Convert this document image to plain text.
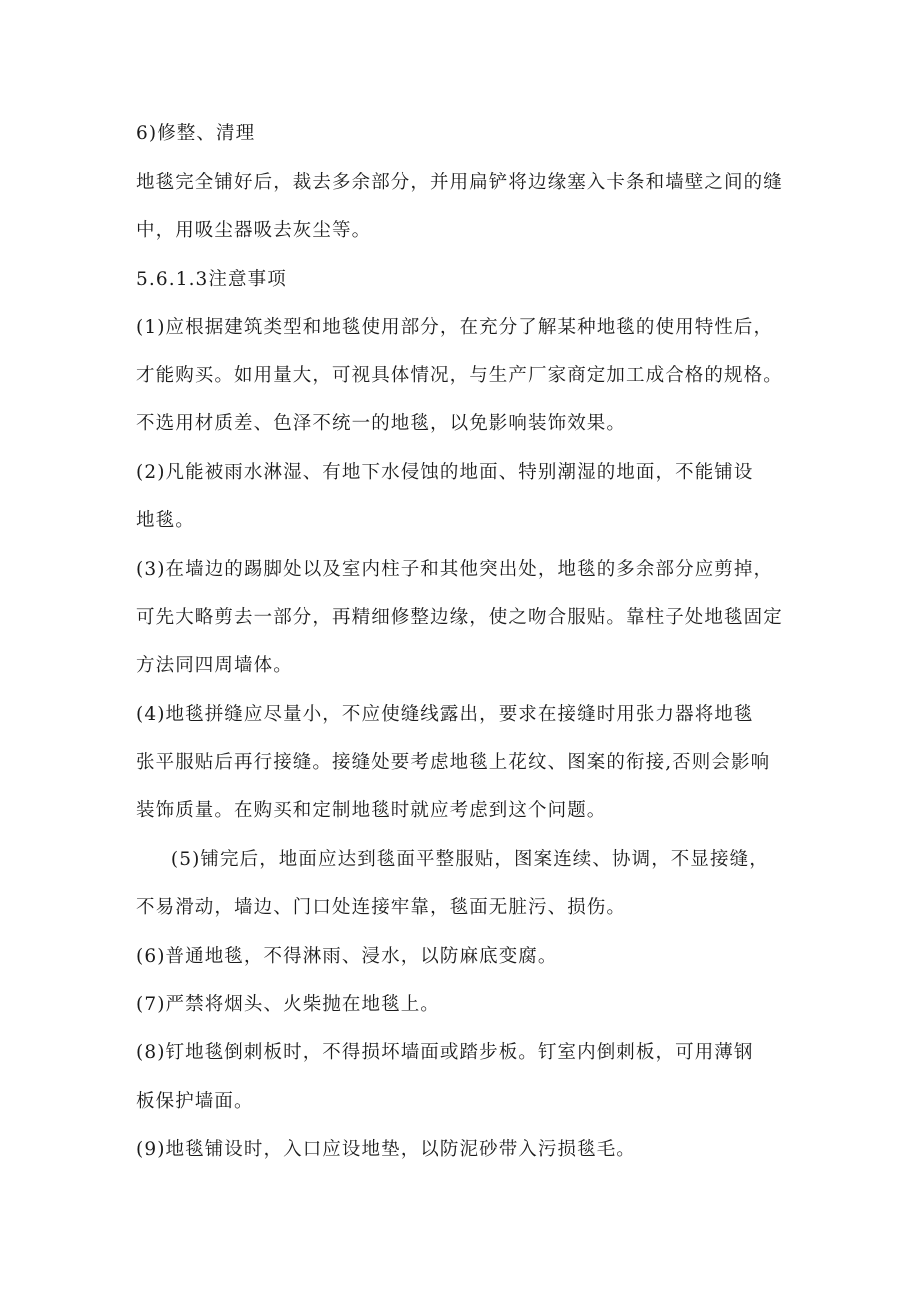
6)修整、清理
地毯完全铺好后，裁去多余部分，并用扁铲将边缘塞入卡条和墙壁之间的缝
中，用吸尘器吸去灰尘等。
5.6.1.3注意事项
(1)应根据建筑类型和地毯使用部分，在充分了解某种地毯的使用特性后，
才能购买。如用量大，可视具体情况，与生产厂家商定加工成合格的规格。
不选用材质差、色泽不统一的地毯，以免影响装饰效果。
(2)凡能被雨水淋湿、有地下水侵蚀的地面、特别潮湿的地面，不能铺设
地毯。
(3)在墙边的踢脚处以及室内柱子和其他突出处，地毯的多余部分应剪掉，
可先大略剪去一部分，再精细修整边缘，使之吻合服贴。靠柱子处地毯固定
方法同四周墙体。
(4)地毯拼缝应尽量小，不应使缝线露出，要求在接缝时用张力器将地毯
张平服贴后再行接缝。接缝处要考虑地毯上花纹、图案的衔接,否则会影响
装饰质量。在购买和定制地毯时就应考虑到这个问题。
(5)铺完后，地面应达到毯面平整服贴，图案连续、协调，不显接缝，
不易滑动，墙边、门口处连接牢靠，毯面无脏污、损伤。
(6)普通地毯，不得淋雨、浸水，以防麻底变腐。
(7)严禁将烟头、火柴抛在地毯上。
(8)钉地毯倒刺板时，不得损坏墙面或踏步板。钉室内倒刺板，可用薄钢
板保护墙面。
(9)地毯铺设时，入口应设地垫，以防泥砂带入污损毯毛。
